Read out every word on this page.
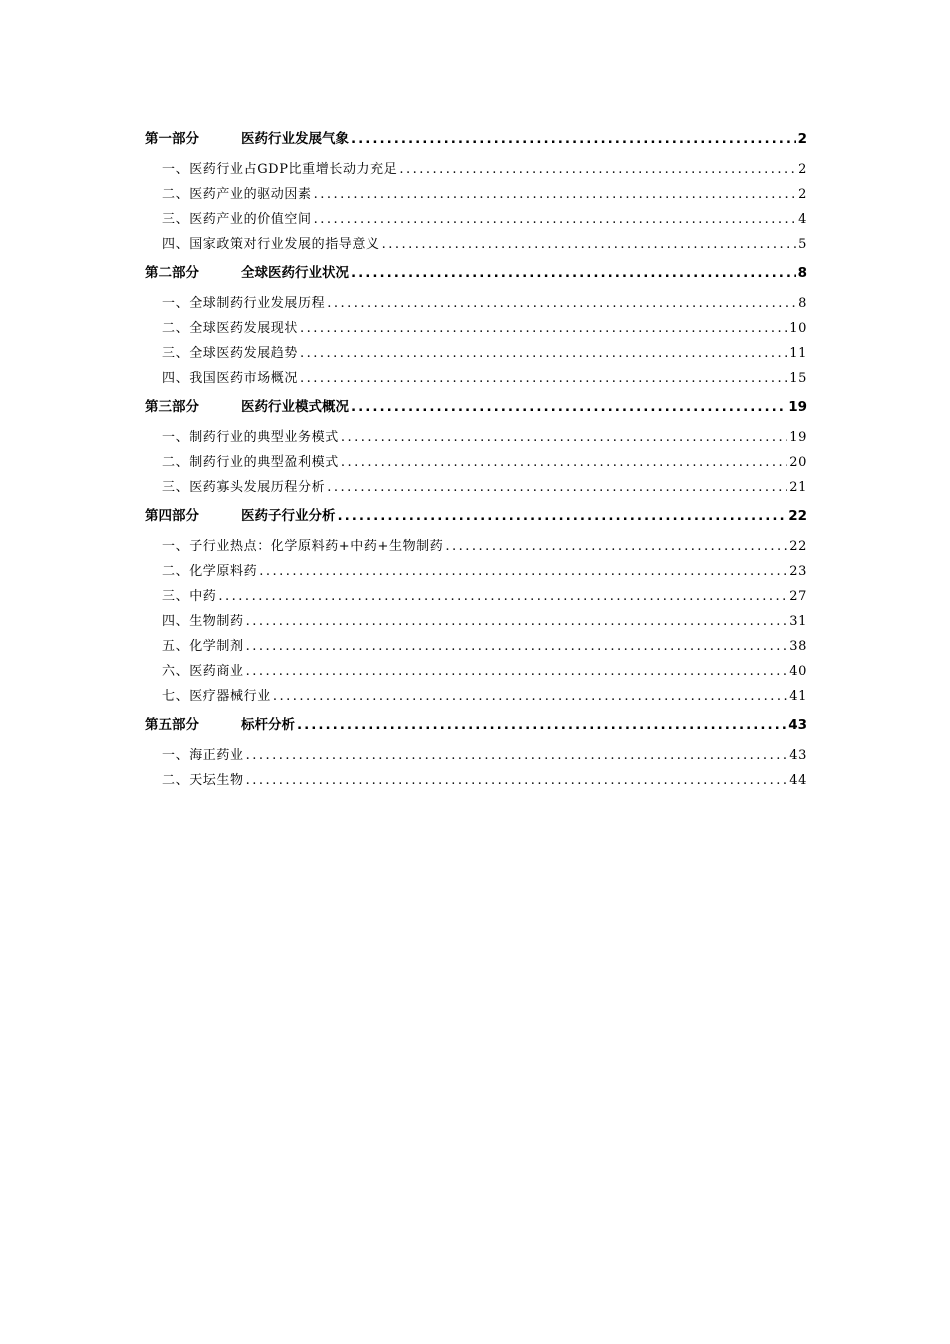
第一部分	医药行业发展气象 .....	2
一、医药行业占GDP比重增长动力充足 .....	2
二、医药产业的驱动因素 .....	2
三、医药产业的价值空间 .....	4
四、国家政策对行业发展的指导意义 .....	5
第二部分	全球医药行业状况 .....	8
一、全球制药行业发展历程 .....	8
二、全球医药发展现状 .....	10
三、全球医药发展趋势 .....	11
四、我国医药市场概况 .....	15
第三部分	医药行业模式概况 .....	19
一、制药行业的典型业务模式 .....	19
二、制药行业的典型盈利模式 .....	20
三、医药寡头发展历程分析 .....	21
第四部分	医药子行业分析 .....	22
一、子行业热点：化学原料药+中药+生物制药 .....	22
二、化学原料药 .....	23
三、中药 .....	27
四、生物制药 .....	31
五、化学制剂 .....	38
六、医药商业 .....	40
七、医疗器械行业 .....	41
第五部分	标杆分析 .....	43
一、海正药业 .....	43
二、天坛生物 .....	44
